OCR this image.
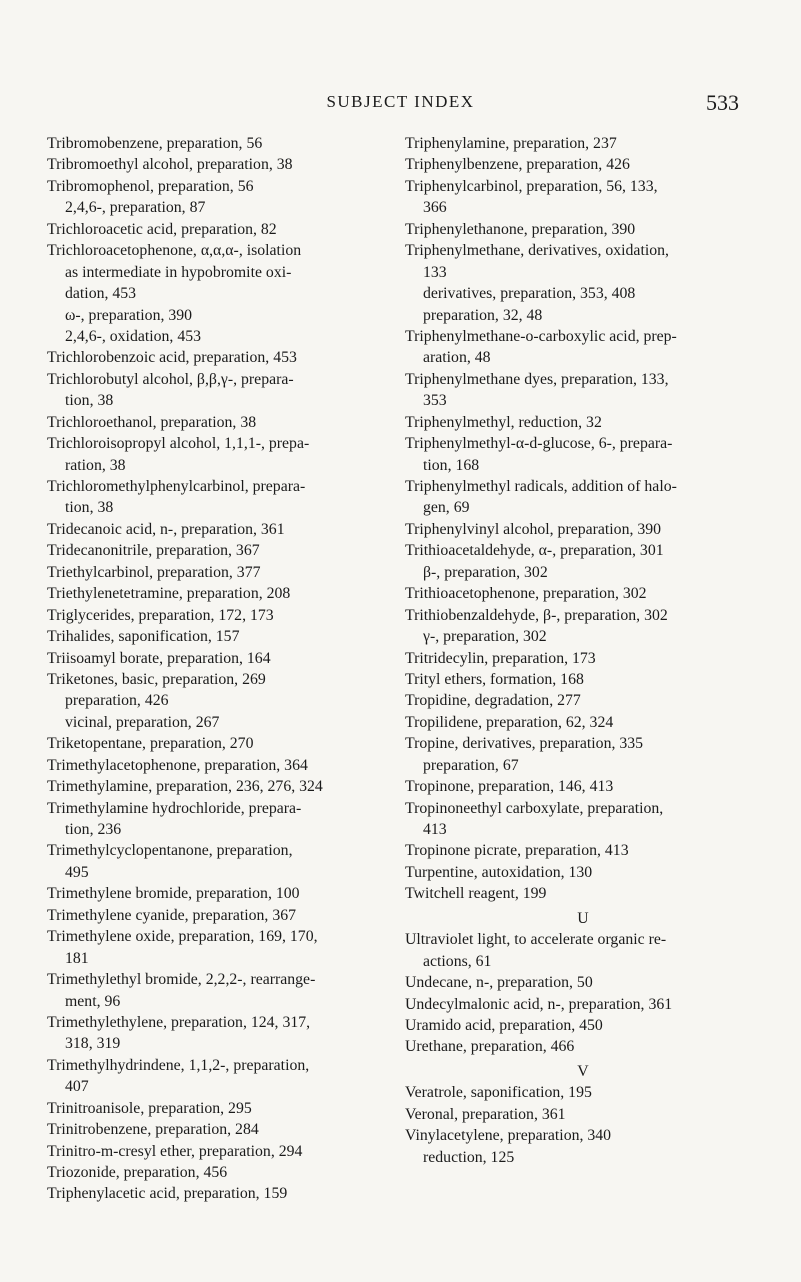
SUBJECT INDEX	533
Tribromobenzene, preparation, 56
Tribromoethyl alcohol, preparation, 38
Tribromophenol, preparation, 56
2,4,6-, preparation, 87
Trichloroacetic acid, preparation, 82
Trichloroacetophenone, α,α,α-, isolation
as intermediate in hypobromite oxi-
dation, 453
ω-, preparation, 390
2,4,6-, oxidation, 453
Trichlorobenzoic acid, preparation, 453
Trichlorobutyl alcohol, β,β,γ-, prepara-
tion, 38
Trichloroethanol, preparation, 38
Trichloroisopropyl alcohol, 1,1,1-, prepa-
ration, 38
Trichloromethylphenylcarbinol, prepara-
tion, 38
Tridecanoic acid, n-, preparation, 361
Tridecanonitrile, preparation, 367
Triethylcarbinol, preparation, 377
Triethylenetetramine, preparation, 208
Triglycerides, preparation, 172, 173
Trihalides, saponification, 157
Triisoamyl borate, preparation, 164
Triketones, basic, preparation, 269
preparation, 426
vicinal, preparation, 267
Triketopentane, preparation, 270
Trimethylacetophenone, preparation, 364
Trimethylamine, preparation, 236, 276, 324
Trimethylamine hydrochloride, prepara-
tion, 236
Trimethylcyclopentanone, preparation,
495
Trimethylene bromide, preparation, 100
Trimethylene cyanide, preparation, 367
Trimethylene oxide, preparation, 169, 170,
181
Trimethylethyl bromide, 2,2,2-, rearrange-
ment, 96
Trimethylethylene, preparation, 124, 317,
318, 319
Trimethylhydrindene, 1,1,2-, preparation,
407
Trinitroanisole, preparation, 295
Trinitrobenzene, preparation, 284
Trinitro-m-cresyl ether, preparation, 294
Triozonide, preparation, 456
Triphenylacetic acid, preparation, 159
Triphenylamine, preparation, 237
Triphenylbenzene, preparation, 426
Triphenylcarbinol, preparation, 56, 133,
366
Triphenylethanone, preparation, 390
Triphenylmethane, derivatives, oxidation,
133
derivatives, preparation, 353, 408
preparation, 32, 48
Triphenylmethane-o-carboxylic acid, prep-
aration, 48
Triphenylmethane dyes, preparation, 133,
353
Triphenylmethyl, reduction, 32
Triphenylmethyl-α-d-glucose, 6-, prepara-
tion, 168
Triphenylmethyl radicals, addition of halo-
gen, 69
Triphenylvinyl alcohol, preparation, 390
Trithioacetaldehyde, α-, preparation, 301
β-, preparation, 302
Trithioacetophenone, preparation, 302
Trithiobenzaldehyde, β-, preparation, 302
γ-, preparation, 302
Tritridecylin, preparation, 173
Trityl ethers, formation, 168
Tropidine, degradation, 277
Tropilidene, preparation, 62, 324
Tropine, derivatives, preparation, 335
preparation, 67
Tropinone, preparation, 146, 413
Tropinoneethyl carboxylate, preparation,
413
Tropinone picrate, preparation, 413
Turpentine, autoxidation, 130
Twitchell reagent, 199
U
Ultraviolet light, to accelerate organic re-
actions, 61
Undecane, n-, preparation, 50
Undecylmalonic acid, n-, preparation, 361
Uramido acid, preparation, 450
Urethane, preparation, 466
V
Veratrole, saponification, 195
Veronal, preparation, 361
Vinylacetylene, preparation, 340
reduction, 125
